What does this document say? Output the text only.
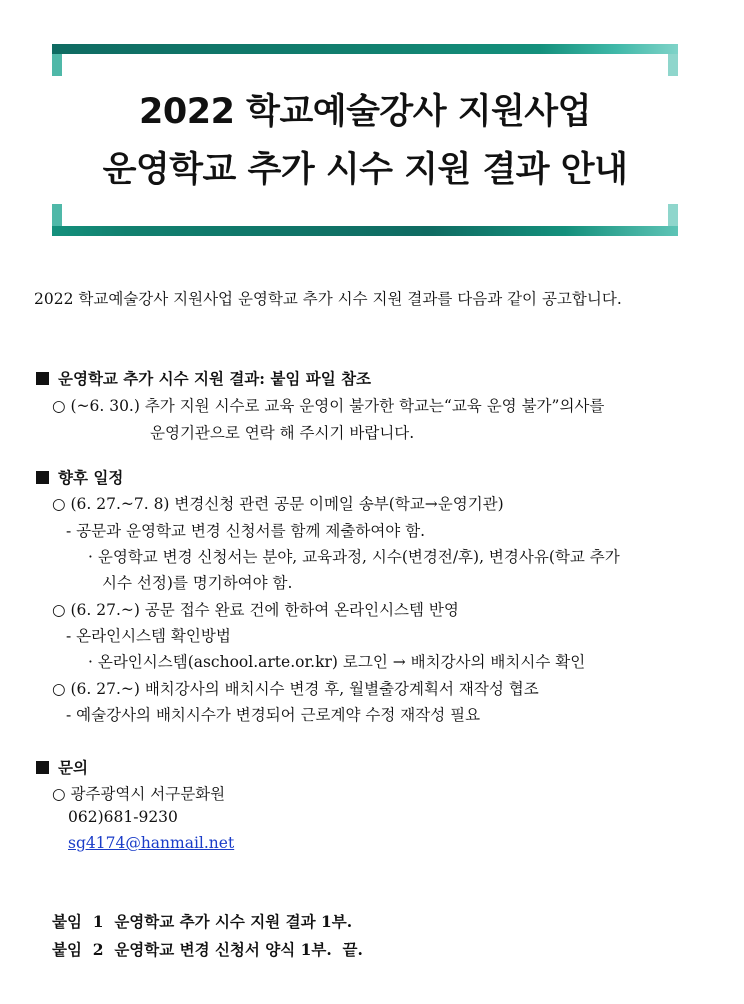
2022 학교예술강사 지원사업
운영학교 추가 시수 지원 결과 안내
2022 학교예술강사 지원사업 운영학교 추가 시수 지원 결과를 다음과 같이 공고합니다.
운영학교 추가 시수 지원 결과: 붙임 파일 참조
○ (~6. 30.) 추가 지원 시수로 교육 운영이 불가한 학교는“교육 운영 불가”의사를
운영기관으로 연락 해 주시기 바랍니다.
향후 일정
○ (6. 27.~7. 8) 변경신청 관련 공문 이메일 송부(학교→운영기관)
- 공문과 운영학교 변경 신청서를 함께 제출하여야 함.
· 운영학교 변경 신청서는 분야, 교육과정, 시수(변경전/후), 변경사유(학교 추가
시수 선정)를 명기하여야 함.
○ (6. 27.~) 공문 접수 완료 건에 한하여 온라인시스템 반영
- 온라인시스템 확인방법
· 온라인시스템(aschool.arte.or.kr) 로그인 → 배치강사의 배치시수 확인
○ (6. 27.~) 배치강사의 배치시수 변경 후, 월별출강계획서 재작성 협조
- 예술강사의 배치시수가 변경되어 근로계약 수정 재작성 필요
문의
○ 광주광역시 서구문화원
062)681-9230
sg4174@hanmail.net
붙임  1  운영학교 추가 시수 지원 결과 1부.
붙임  2  운영학교 변경 신청서 양식 1부.  끝.
